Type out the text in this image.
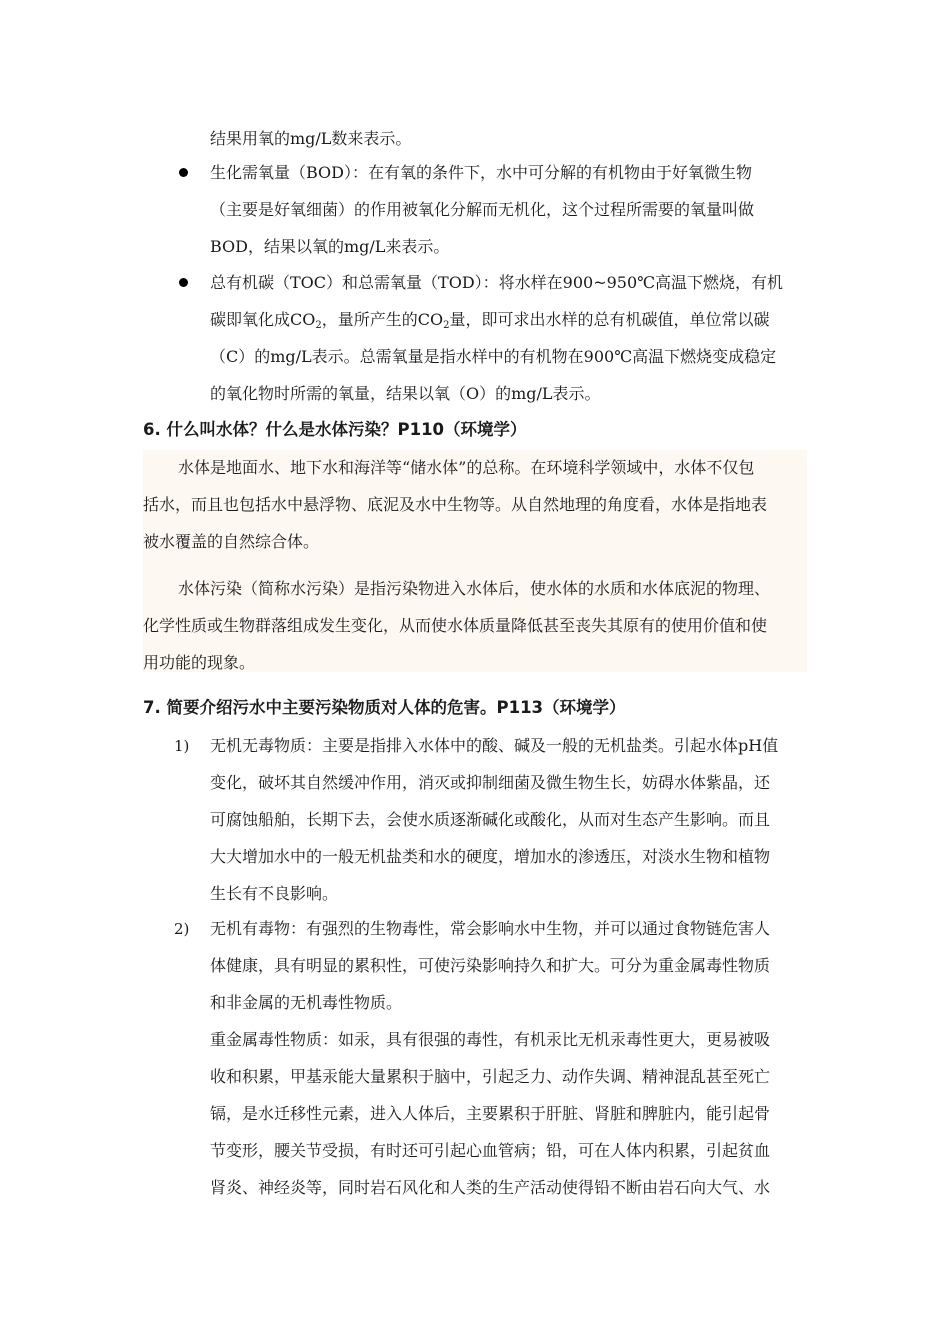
结果用氧的mg/L数来表示。
生化需氧量（BOD）：在有氧的条件下，水中可分解的有机物由于好氧微生物
（主要是好氧细菌）的作用被氧化分解而无机化，这个过程所需要的氧量叫做
BOD，结果以氧的mg/L来表示。
总有机碳（TOC）和总需氧量（TOD）：将水样在900~950℃高温下燃烧，有机
碳即氧化成$CO_2$，量所产生的$CO_2$量，即可求出水样的总有机碳值，单位常以碳
（C）的mg/L表示。总需氧量是指水样中的有机物在900℃高温下燃烧变成稳定
的氧化物时所需的氧量，结果以氧（O）的mg/L表示。
6. 什么叫水体？什么是水体污染？P110（环境学）
水体是地面水、地下水和海洋等“储水体”的总称。在环境科学领域中，水体不仅包
括水，而且也包括水中悬浮物、底泥及水中生物等。从自然地理的角度看，水体是指地表
被水覆盖的自然综合体。
水体污染（简称水污染）是指污染物进入水体后，使水体的水质和水体底泥的物理、
化学性质或生物群落组成发生变化，从而使水体质量降低甚至丧失其原有的使用价值和使
用功能的现象。
7. 简要介绍污水中主要污染物质对人体的危害。P113（环境学）
1) 无机无毒物质：主要是指排入水体中的酸、碱及一般的无机盐类。引起水体pH值
变化，破坏其自然缓冲作用，消灭或抑制细菌及微生物生长，妨碍水体紫晶，还
可腐蚀船舶，长期下去，会使水质逐渐碱化或酸化，从而对生态产生影响。而且
大大增加水中的一般无机盐类和水的硬度，增加水的渗透压，对淡水生物和植物
生长有不良影响。
2) 无机有毒物：有强烈的生物毒性，常会影响水中生物，并可以通过食物链危害人
体健康，具有明显的累积性，可使污染影响持久和扩大。可分为重金属毒性物质
和非金属的无机毒性物质。
重金属毒性物质：如汞，具有很强的毒性，有机汞比无机汞毒性更大，更易被吸
收和积累，甲基汞能大量累积于脑中，引起乏力、动作失调、精神混乱甚至死亡
镉，是水迁移性元素，进入人体后，主要累积于肝脏、肾脏和脾脏内，能引起骨
节变形，腰关节受损，有时还可引起心血管病；铅，可在人体内积累，引起贫血
肾炎、神经炎等，同时岩石风化和人类的生产活动使得铅不断由岩石向大气、水
